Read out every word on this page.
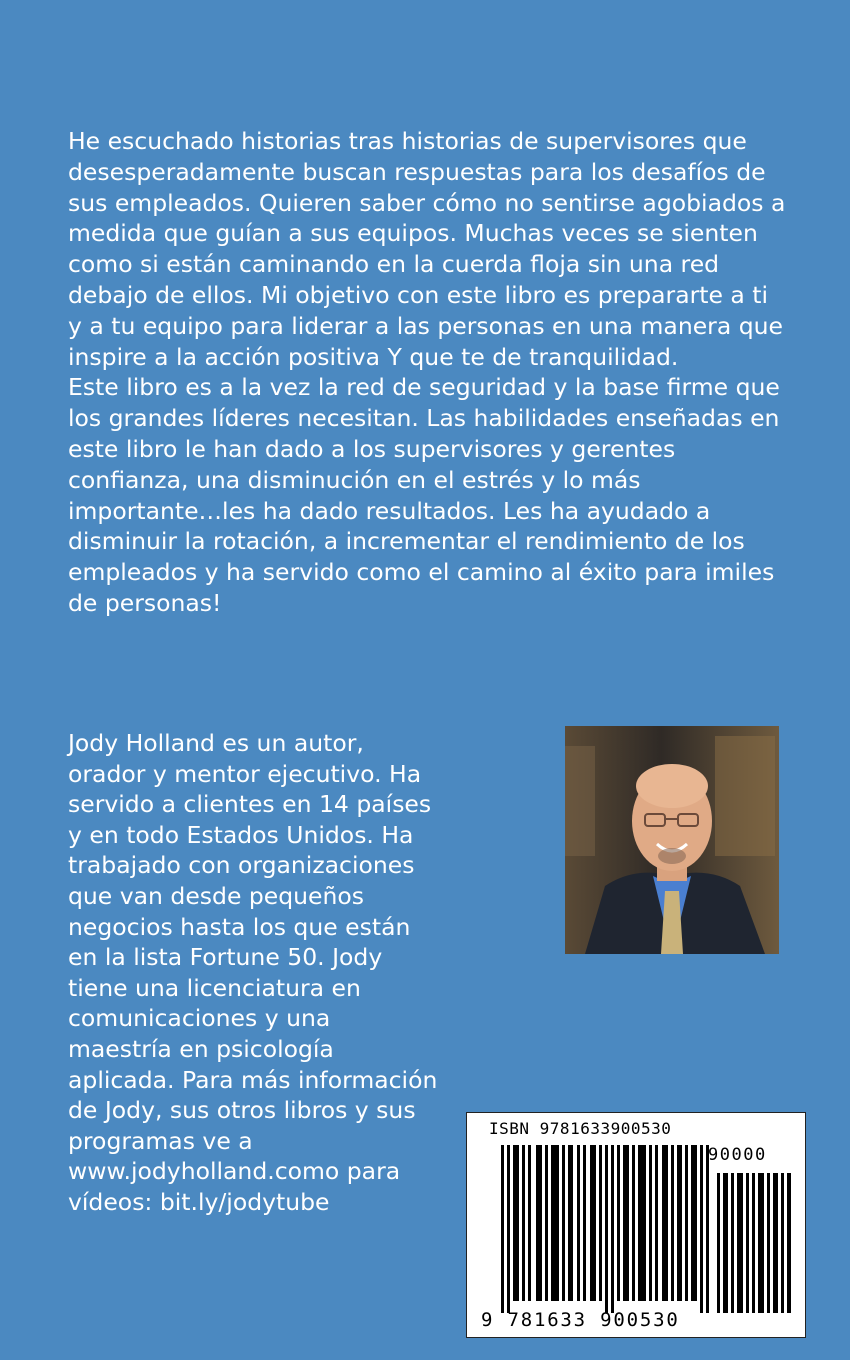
He escuchado historias tras historias de supervisores que desesperadamente buscan respuestas para los desafíos de sus empleados. Quieren saber cómo no sentirse agobiados a medida que guían a sus equipos. Muchas veces se sienten como si están caminando en la cuerda floja sin una red debajo de ellos. Mi objetivo con este libro es prepararte a ti y a tu equipo para liderar a las personas en una manera que inspire a la acción positiva Y que te de tranquilidad.

Este libro es a la vez la red de seguridad y la base firme que los grandes líderes necesitan. Las habilidades enseñadas en este libro le han dado a los supervisores y gerentes confianza, una disminución en el estrés y lo más importante…les ha dado resultados. Les ha ayudado a disminuir la rotación, a incrementar el rendimiento de los empleados y ha servido como el camino al éxito para imiles de personas!

Jody Holland es un autor, orador y mentor ejecutivo. Ha servido a clientes en 14 países y en todo Estados Unidos. Ha trabajado con organizaciones que van desde pequeños negocios hasta los que están en la lista Fortune 50. Jody tiene una licenciatura en comunicaciones y una maestría en psicología aplicada. Para más información de Jody, sus otros libros y sus programas ve a www.jodyholland.como para vídeos: bit.ly/jodytube
ISBN 9781633900530
90000
9 781633 900530
